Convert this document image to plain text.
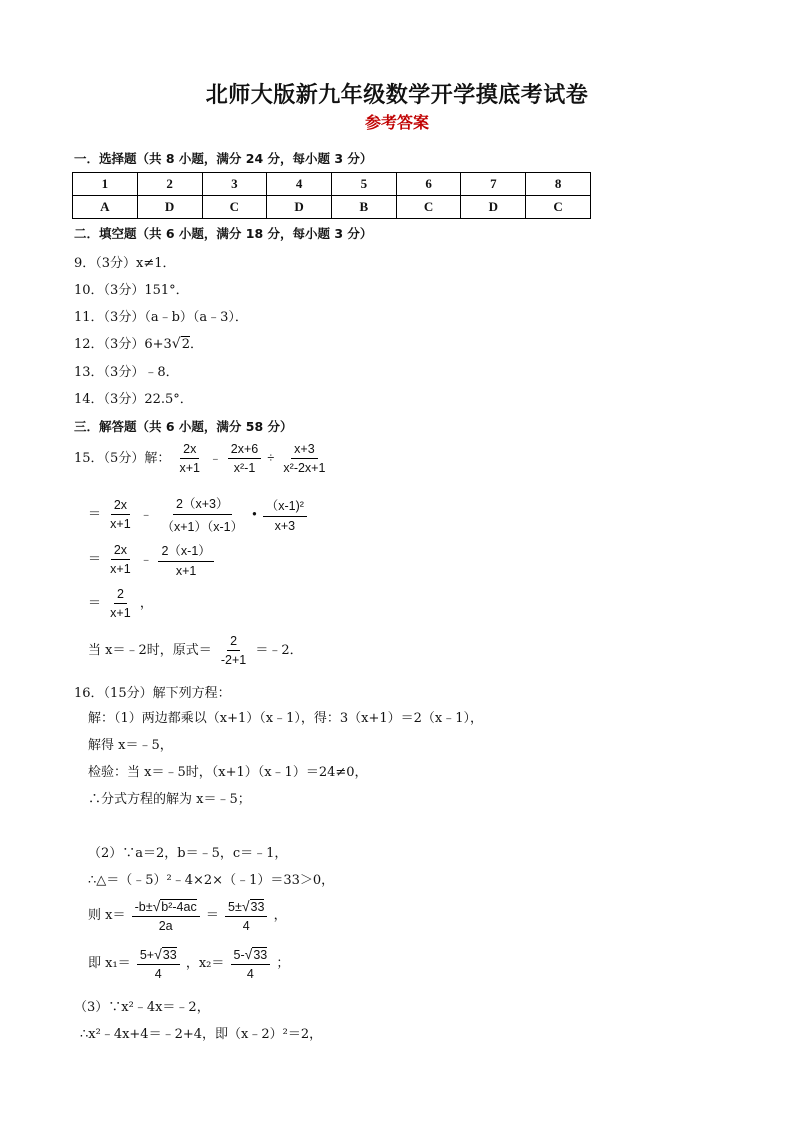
北师大版新九年级数学开学摸底考试卷
参考答案
一．选择题（共 8 小题，满分 24 分，每小题 3 分）
1	2	3	4	5	6	7	8
A	D	C	D	B	C	D	C
二．填空题（共 6 小题，满分 18 分，每小题 3 分）
9．（3分）x≠1．
10．（3分）151°．
11．（3分）（a﹣b）（a﹣3）．
12．（3分）6+3√2．
13．（3分）﹣8．
14．（3分）22.5°．
三．解答题（共 6 小题，满分 58 分）
15．（5分）解： $\frac{2x}{x+1}$ ﹣ $\frac{2x+6}{\text{x²-1}} \div \frac{x+3}{\text{x²-2x+1}}$
＝ $\frac{2x}{x+1}$ ﹣ $\frac{2(x+3)}{(x+1)(x-1)}$ • $\frac{\text{（x-1)²}}{x+3}$
＝ $\frac{2x}{x+1}$ ﹣ $\frac{2(x-1)}{x+1}$
＝ $\frac{2}{x+1}$ ，
当 x＝﹣2时，原式＝ $\frac{2}{-2+1}$ ＝﹣2．
16．（15分）解下列方程：
解：（1）两边都乘以（x+1）（x﹣1），得：3（x+1）＝2（x﹣1），
解得 x＝﹣5，
检验：当 x＝﹣5时，（x+1）（x﹣1）＝24≠0，
∴分式方程的解为 x＝﹣5；
（2）∵a＝2，b＝﹣5，c＝﹣1，
∴△＝（﹣5）²﹣4×2×（﹣1）＝33＞0，
则 $x= \frac{\text{-b±√b²-4ac}}{2a} = \frac{5\pm√33}{4}$ ，
即 $x_1= \frac{5+√33}{4}$ ，$x_2= \frac{5-√33}{4}$ ；
（3）∵x²﹣4x＝﹣2，
∴x²﹣4x+4＝﹣2+4，即（x﹣2）²＝2，
